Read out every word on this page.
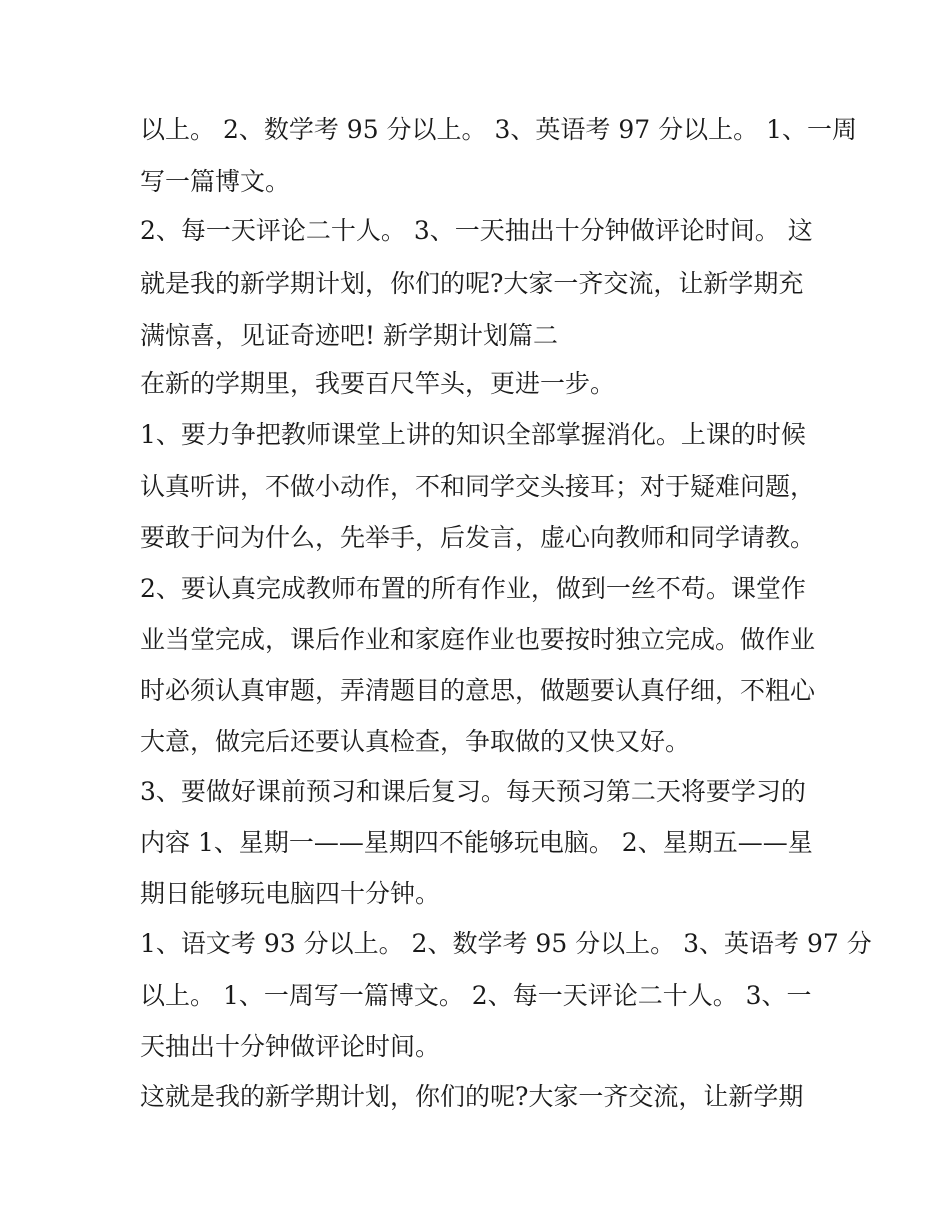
以上。 2、数学考 95 分以上。 3、英语考 97 分以上。 1、一周
写一篇博文。
2、每一天评论二十人。 3、一天抽出十分钟做评论时间。 这
就是我的新学期计划，你们的呢?大家一齐交流，让新学期充
满惊喜，见证奇迹吧! 新学期计划篇二
在新的学期里，我要百尺竿头，更进一步。
1、要力争把教师课堂上讲的知识全部掌握消化。上课的时候
认真听讲，不做小动作，不和同学交头接耳；对于疑难问题，
要敢于问为什么，先举手，后发言，虚心向教师和同学请教。
2、要认真完成教师布置的所有作业，做到一丝不苟。课堂作
业当堂完成，课后作业和家庭作业也要按时独立完成。做作业
时必须认真审题，弄清题目的意思，做题要认真仔细，不粗心
大意，做完后还要认真检查，争取做的又快又好。
3、要做好课前预习和课后复习。每天预习第二天将要学习的
内容 1、星期一——星期四不能够玩电脑。 2、星期五——星
期日能够玩电脑四十分钟。
1、语文考 93 分以上。 2、数学考 95 分以上。 3、英语考 97 分
以上。 1、一周写一篇博文。 2、每一天评论二十人。 3、一
天抽出十分钟做评论时间。
这就是我的新学期计划，你们的呢?大家一齐交流，让新学期
